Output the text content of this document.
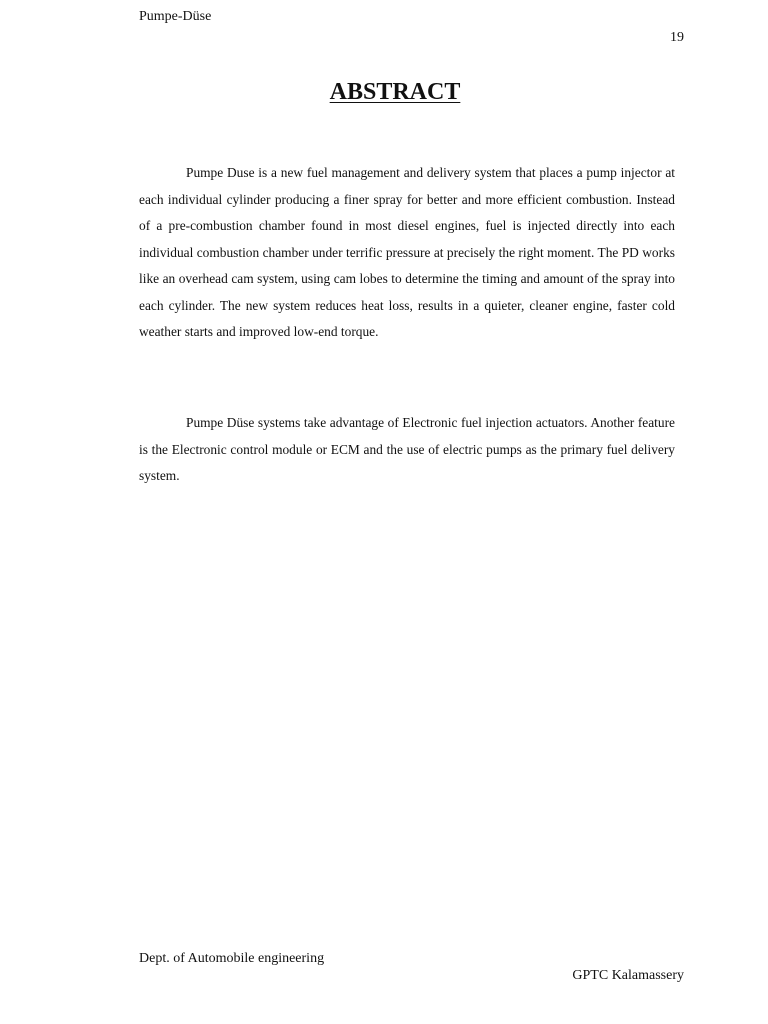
Pumpe-Düse
19
ABSTRACT

Pumpe Duse is a new fuel management and delivery system that places a pump injector at each individual cylinder producing a finer spray for better and more efficient combustion. Instead of a pre-combustion chamber found in most diesel engines, fuel is injected directly into each individual combustion chamber under terrific pressure at precisely the right moment. The PD works like an overhead cam system, using cam lobes to determine the timing and amount of the spray into each cylinder. The new system reduces heat loss, results in a quieter, cleaner engine, faster cold weather starts and improved low-end torque.

Pumpe Düse systems take advantage of Electronic fuel injection actuators. Another feature is the Electronic control module or ECM and the use of electric pumps as the primary fuel delivery system.

Dept. of Automobile engineering
GPTC Kalamassery
